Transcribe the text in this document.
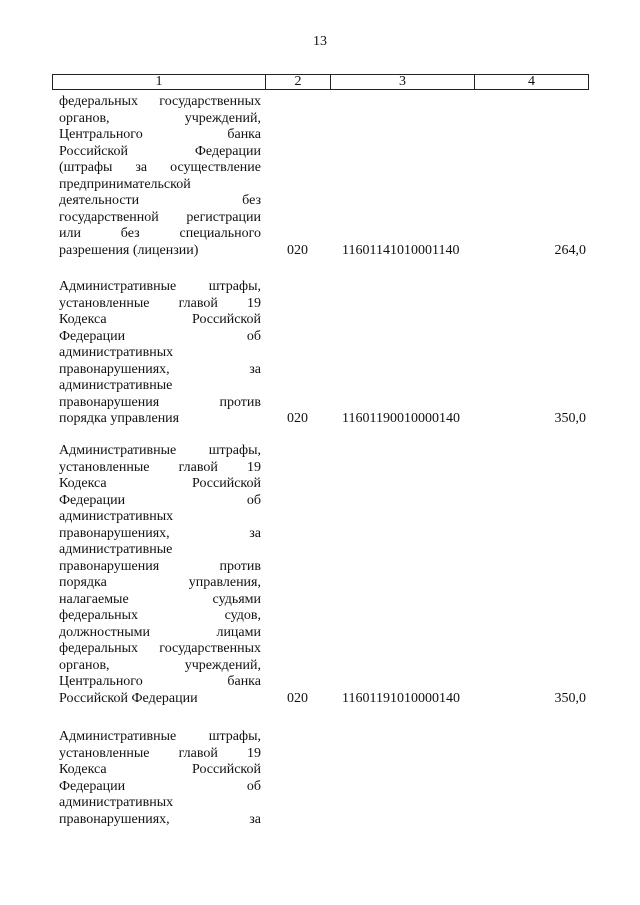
13
1	2	3	4
федеральных государственных
органов, учреждений,
Центрального банка
Российской Федерации
(штрафы за осуществление
предпринимательской
деятельности без
государственной регистрации
или без специального
разрешения (лицензии)	020 11601141010001140	264,0
Административные штрафы,
установленные главой 19
Кодекса Российской
Федерации об
административных
правонарушениях, за
административные
правонарушения против
порядка управления	020 11601190010000140	350,0
Административные штрафы,
установленные главой 19
Кодекса Российской
Федерации об
административных
правонарушениях, за
административные
правонарушения против
порядка управления,
налагаемые судьями
федеральных судов,
должностными лицами
федеральных государственных
органов, учреждений,
Центрального банка
Российской Федерации	020 11601191010000140	350,0
Административные штрафы,
установленные главой 19
Кодекса Российской
Федерации об
административных
правонарушениях, за
